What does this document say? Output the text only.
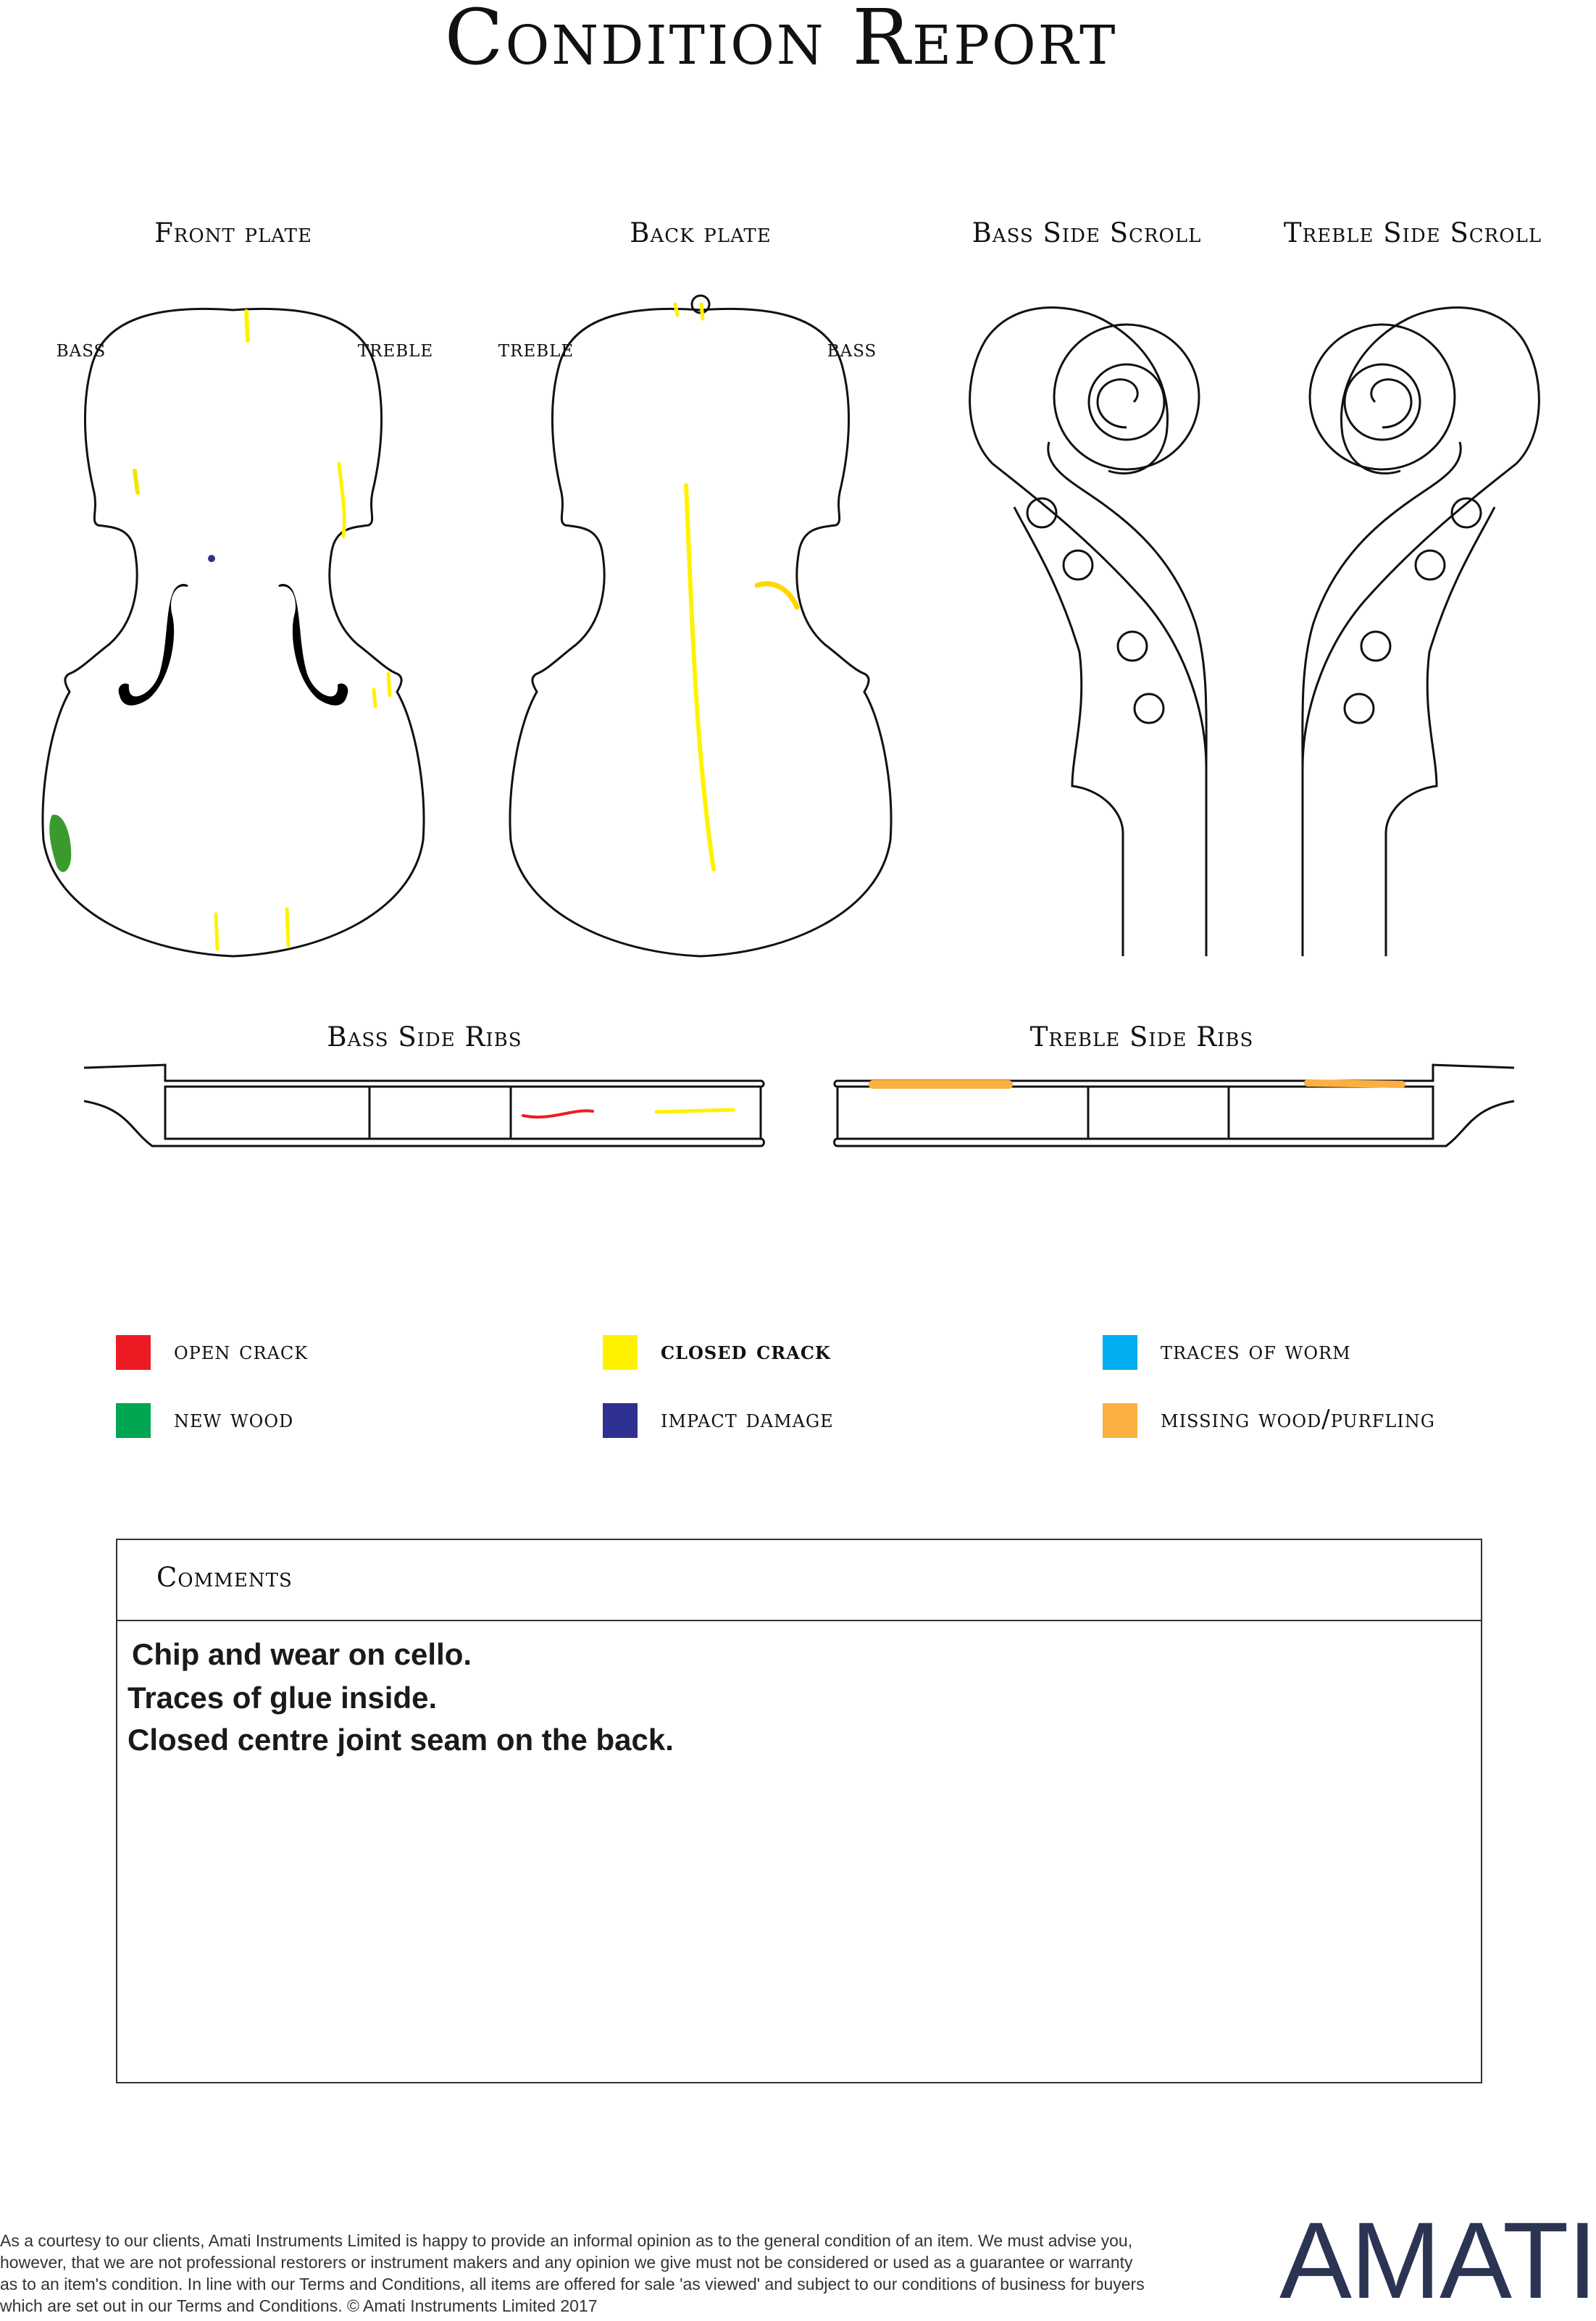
Condition Report
Front plate	Back plate	Bass Side Scroll	Treble Side Scroll
Bass Side Ribs	Treble Side Ribs
BASS	TREBLE	TREBLE	BASS
open crack	closed crack	traces of worm
new wood	impact damage	missing wood/purfling
Comments
Chip and wear on cello.
Traces of glue inside.
Closed centre joint seam on the back.
As a courtesy to our clients, Amati Instruments Limited is happy to provide an informal opinion as to the general condition of an item. We must advise you, however, that we are not professional restorers or instrument makers and any opinion we give must not be considered or used as a guarantee or warranty as to an item's condition. In line with our Terms and Conditions, all items are offered for sale 'as viewed' and subject to our conditions of business for buyers which are set out in our Terms and Conditions. © Amati Instruments Limited 2017	AMATI
